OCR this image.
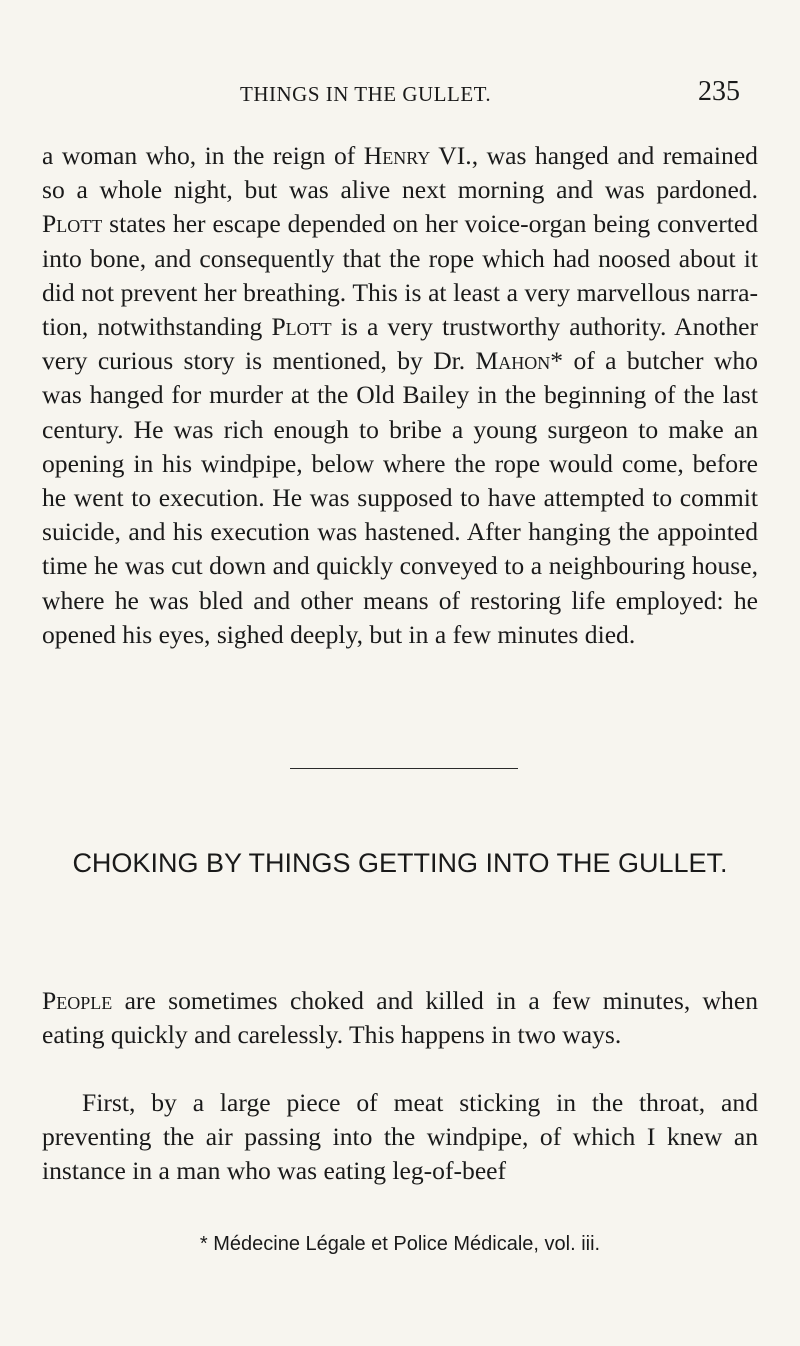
THINGS IN THE GULLET.	235

a woman who, in the reign of Henry VI., was hanged and remained so a whole night, but was alive next morning and was pardoned. Plott states her escape depended on her voice-organ being converted into bone, and consequently that the rope which had noosed about it did not prevent her breathing. This is at least a very marvellous narration, notwithstanding Plott is a very trustworthy authority. Another very curious story is mentioned, by Dr. Mahon* of a butcher who was hanged for murder at the Old Bailey in the beginning of the last century. He was rich enough to bribe a young surgeon to make an opening in his windpipe, below where the rope would come, before he went to execution. He was supposed to have attempted to commit suicide, and his execution was hastened. After hanging the appointed time he was cut down and quickly conveyed to a neighbouring house, where he was bled and other means of restoring life employed: he opened his eyes, sighed deeply, but in a few minutes died.

CHOKING BY THINGS GETTING INTO THE GULLET.

People are sometimes choked and killed in a few minutes, when eating quickly and carelessly. This happens in two ways.

First, by a large piece of meat sticking in the throat, and preventing the air passing into the windpipe, of which I knew an instance in a man who was eating leg-of-beef

* Médecine Légale et Police Médicale, vol. iii.
